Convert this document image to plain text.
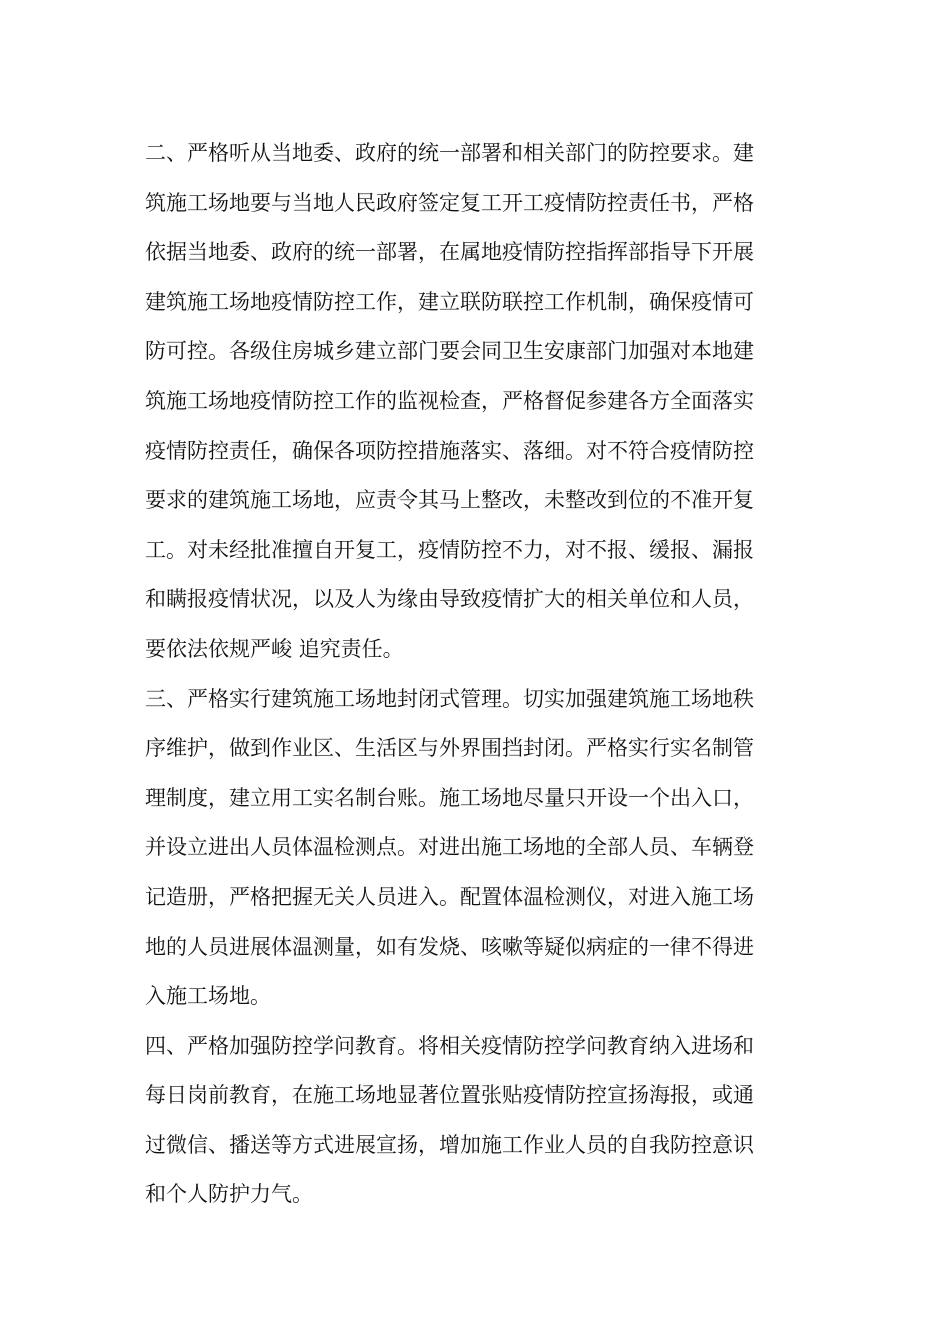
二、严格听从当地委、政府的统一部署和相关部门的防控要求。建
筑施工场地要与当地人民政府签定复工开工疫情防控责任书，严格
依据当地委、政府的统一部署，在属地疫情防控指挥部指导下开展
建筑施工场地疫情防控工作，建立联防联控工作机制，确保疫情可
防可控。各级住房城乡建立部门要会同卫生安康部门加强对本地建
筑施工场地疫情防控工作的监视检查，严格督促参建各方全面落实
疫情防控责任，确保各项防控措施落实、落细。对不符合疫情防控
要求的建筑施工场地，应责令其马上整改，未整改到位的不准开复
工。对未经批准擅自开复工，疫情防控不力，对不报、缓报、漏报
和瞒报疫情状况，以及人为缘由导致疫情扩大的相关单位和人员，
要依法依规严峻 追究责任。
三、严格实行建筑施工场地封闭式管理。切实加强建筑施工场地秩
序维护，做到作业区、生活区与外界围挡封闭。严格实行实名制管
理制度，建立用工实名制台账。施工场地尽量只开设一个出入口，
并设立进出人员体温检测点。对进出施工场地的全部人员、车辆登
记造册，严格把握无关人员进入。配置体温检测仪，对进入施工场
地的人员进展体温测量，如有发烧、咳嗽等疑似病症的一律不得进
入施工场地。
四、严格加强防控学问教育。将相关疫情防控学问教育纳入进场和
每日岗前教育，在施工场地显著位置张贴疫情防控宣扬海报，或通
过微信、播送等方式进展宣扬，增加施工作业人员的自我防控意识
和个人防护力气。
